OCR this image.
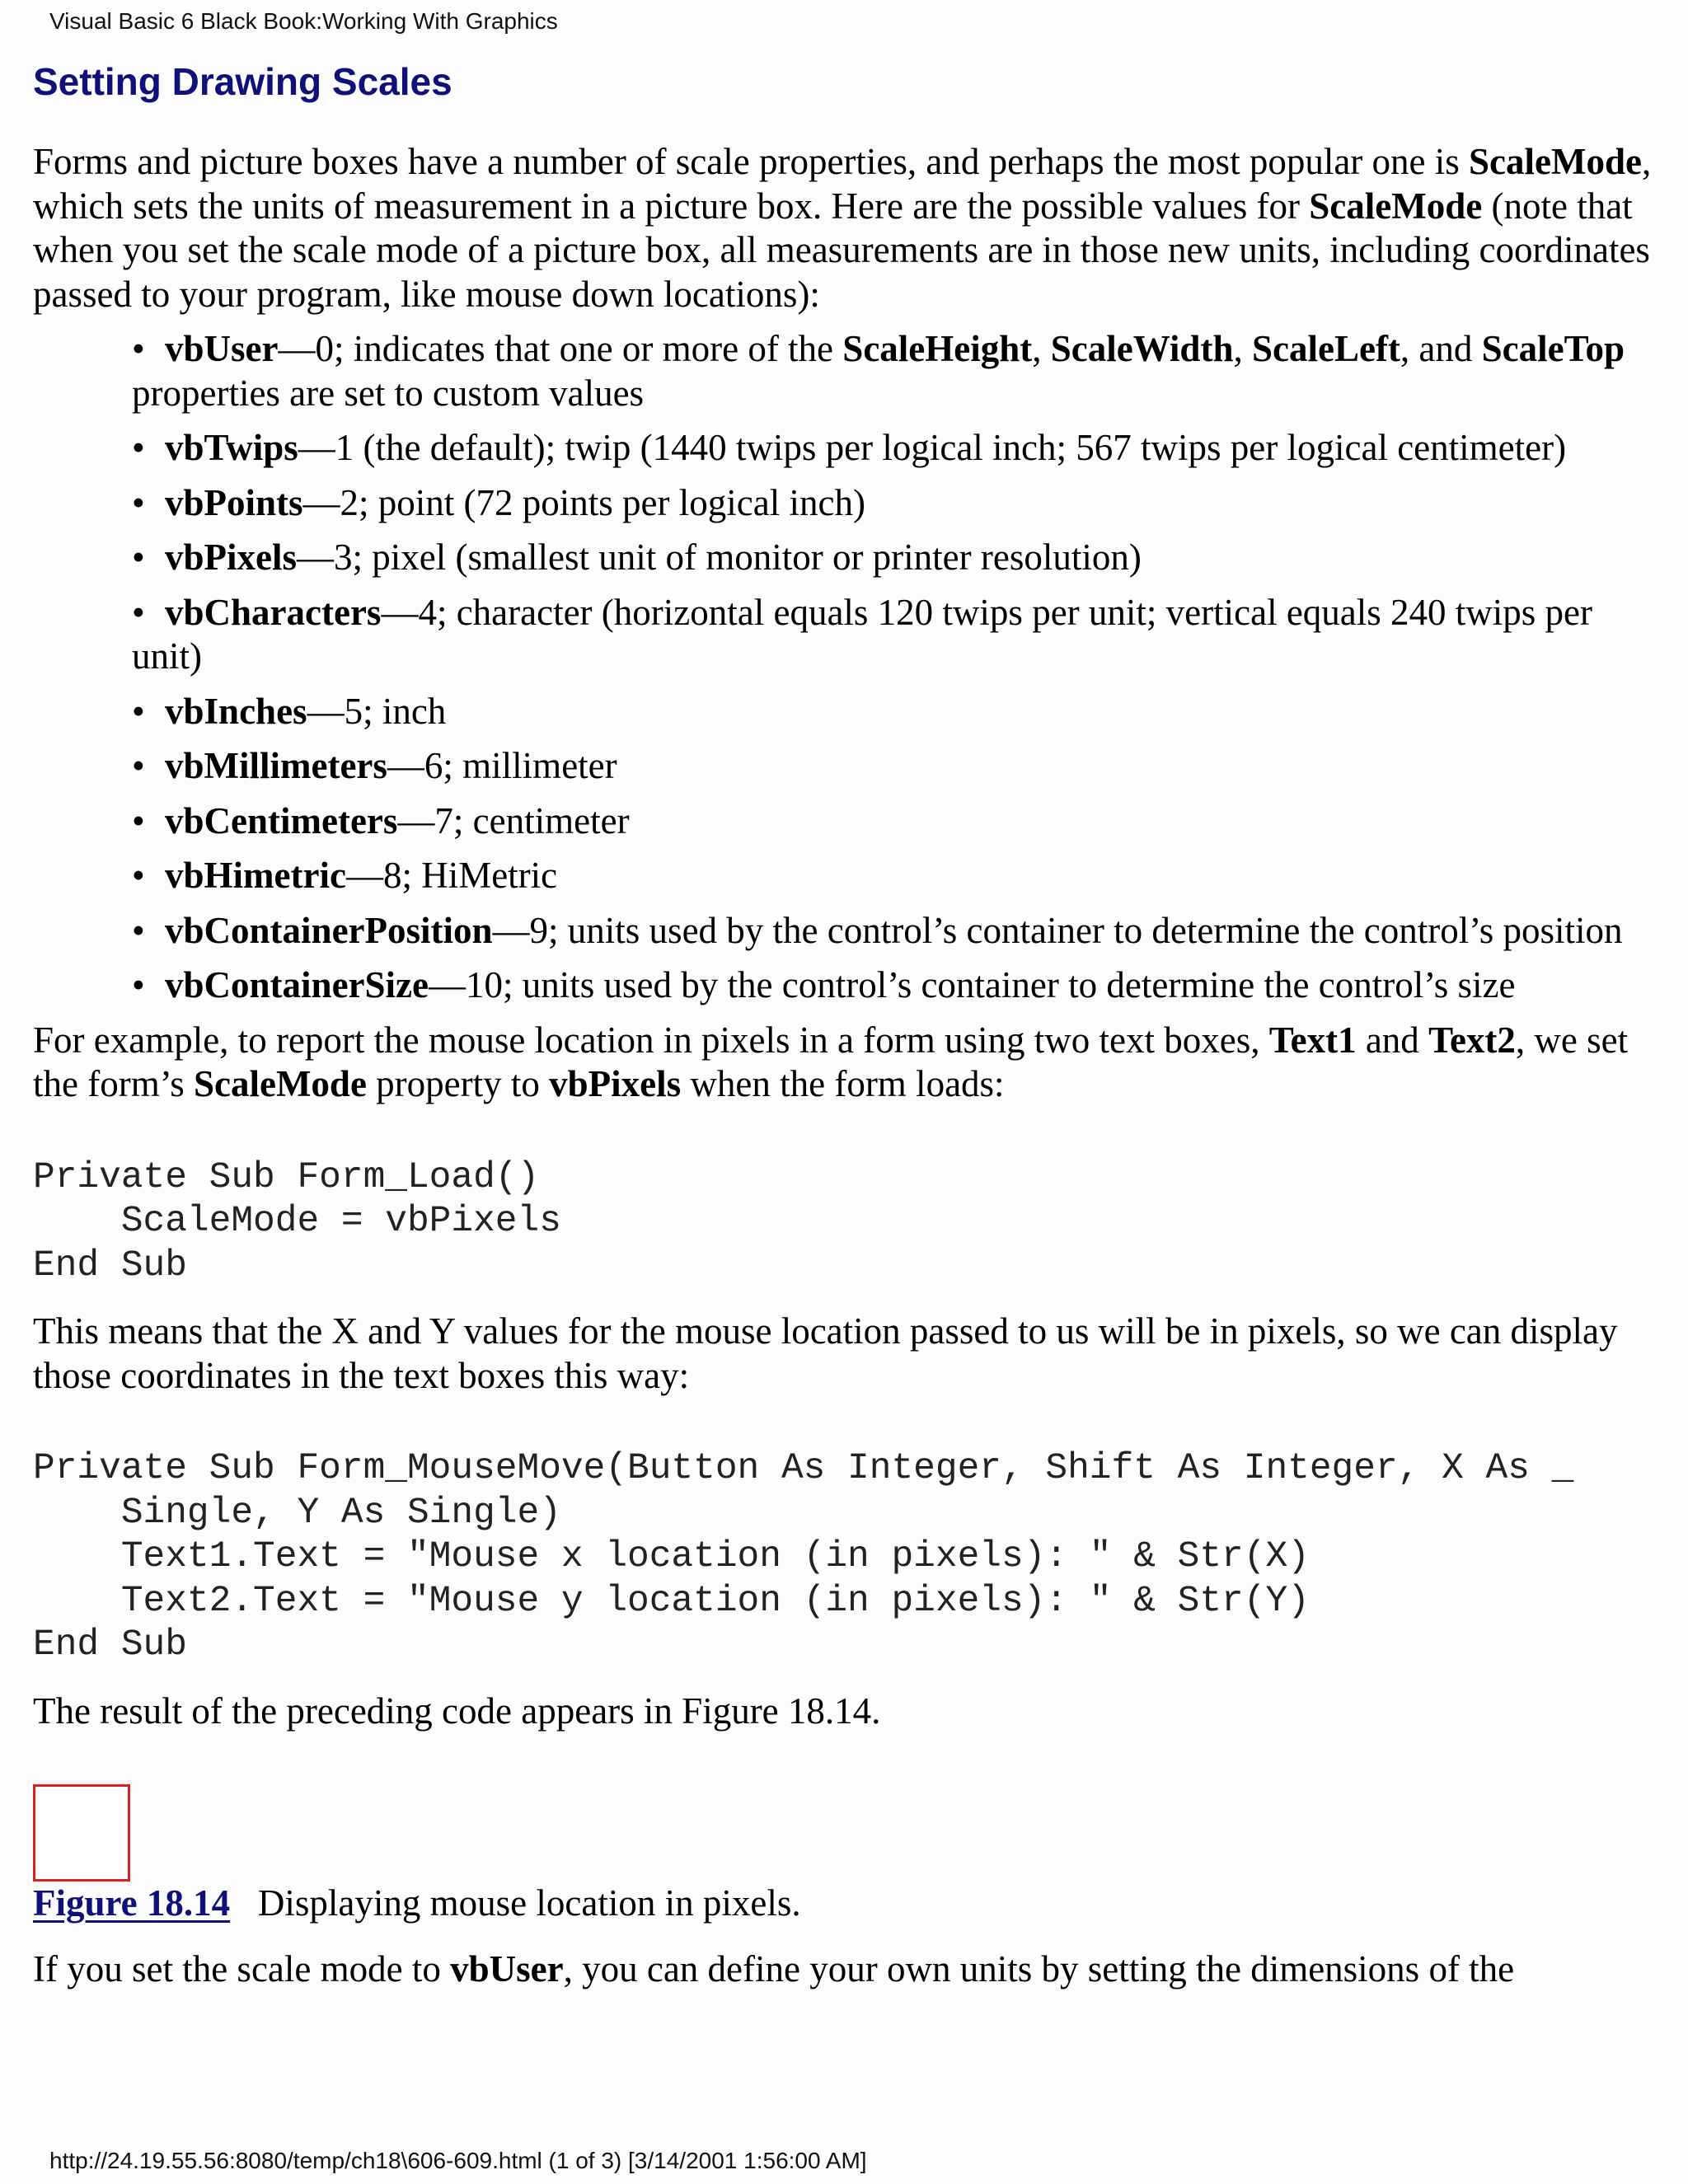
Visual Basic 6 Black Book:Working With Graphics
Setting Drawing Scales

Forms and picture boxes have a number of scale properties, and perhaps the most popular one is ScaleMode, which sets the units of measurement in a picture box. Here are the possible values for ScaleMode (note that when you set the scale mode of a picture box, all measurements are in those new units, including coordinates passed to your program, like mouse down locations):

• vbUser—0; indicates that one or more of the ScaleHeight, ScaleWidth, ScaleLeft, and ScaleTop properties are set to custom values
• vbTwips—1 (the default); twip (1440 twips per logical inch; 567 twips per logical centimeter)
• vbPoints—2; point (72 points per logical inch)
• vbPixels—3; pixel (smallest unit of monitor or printer resolution)
• vbCharacters—4; character (horizontal equals 120 twips per unit; vertical equals 240 twips per unit)
• vbInches—5; inch
• vbMillimeters—6; millimeter
• vbCentimeters—7; centimeter
• vbHimetric—8; HiMetric
• vbContainerPosition—9; units used by the control’s container to determine the control’s position
• vbContainerSize—10; units used by the control’s container to determine the control’s size

For example, to report the mouse location in pixels in a form using two text boxes, Text1 and Text2, we set the form’s ScaleMode property to vbPixels when the form loads:

Private Sub Form_Load()
ScaleMode = vbPixels
End Sub

This means that the X and Y values for the mouse location passed to us will be in pixels, so we can display those coordinates in the text boxes this way:

Private Sub Form_MouseMove(Button As Integer, Shift As Integer, X As _
Single, Y As Single)
Text1.Text = "Mouse x location (in pixels): " & Str(X)
Text2.Text = "Mouse y location (in pixels): " & Str(Y)
End Sub

The result of the preceding code appears in Figure 18.14.

Figure 18.14 Displaying mouse location in pixels.

If you set the scale mode to vbUser, you can define your own units by setting the dimensions of the

http://24.19.55.56:8080/temp/ch18\606-609.html (1 of 3) [3/14/2001 1:56:00 AM]
